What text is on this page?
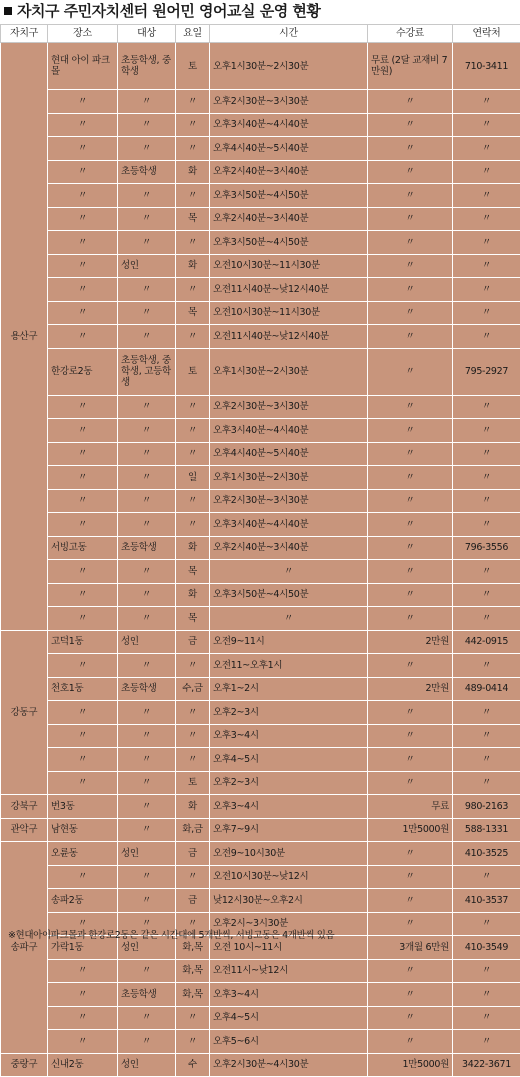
자치구 주민자치센터 원어민 영어교실 운영 현황
자치구	장소	대상	요일	시간	수강료	연락처
용산구	현대 아이 파크몰	초등학생, 중학생	토	오후1시30분~2시30분	무료 (2달 교재비 7만원)	710-3411
	〃	〃	〃	오후2시30분~3시30분	〃	〃
	〃	〃	〃	오후3시40분~4시40분	〃	〃
	〃	〃	〃	오후4시40분~5시40분	〃	〃
	〃	초등학생	화	오후2시40분~3시40분	〃	〃
	〃	〃	〃	오후3시50분~4시50분	〃	〃
	〃	〃	목	오후2시40분~3시40분	〃	〃
	〃	〃	〃	오후3시50분~4시50분	〃	〃
	〃	성인	화	오전10시30분~11시30분	〃	〃
	〃	〃	〃	오전11시40분~낮12시40분	〃	〃
	〃	〃	목	오전10시30분~11시30분	〃	〃
	〃	〃	〃	오전11시40분~낮12시40분	〃	〃
	한강로2동	초등학생, 중학생, 고등학생	토	오후1시30분~2시30분	〃	795-2927
	〃	〃	〃	오후2시30분~3시30분	〃	〃
	〃	〃	〃	오후3시40분~4시40분	〃	〃
	〃	〃	〃	오후4시40분~5시40분	〃	〃
	〃	〃	일	오후1시30분~2시30분	〃	〃
	〃	〃	〃	오후2시30분~3시30분	〃	〃
	〃	〃	〃	오후3시40분~4시40분	〃	〃
	서빙고동	초등학생	화	오후2시40분~3시40분	〃	796-3556
	〃	〃	목	〃	〃	〃
	〃	〃	화	오후3시50분~4시50분	〃	〃
	〃	〃	목	〃	〃	〃
강동구	고덕1동	성인	금	오전9~11시	2만원	442-0915
	〃	〃	〃	오전11~오후1시	〃	〃
	천호1동	초등학생	수,금	오후1~2시	2만원	489-0414
	〃	〃	〃	오후2~3시	〃	〃
	〃	〃	〃	오후3~4시	〃	〃
	〃	〃	〃	오후4~5시	〃	〃
	〃	〃	토	오후2~3시	〃	〃
강북구	번3동	〃	화	오후3~4시	무료	980-2163
관악구	남현동	〃	화,금	오후7~9시	1만5000원	588-1331
송파구	오륜동	성인	금	오전9~10시30분	〃	410-3525
	〃	〃	〃	오전10시30분~낮12시	〃	〃
	송파2동	〃	금	낮12시30분~오후2시	〃	410-3537
	〃	〃	〃	오후2시~3시30분	〃	〃
	가락1동	성인	화,목	오전 10시~11시	3개월 6만원	410-3549
	〃	〃	화,목	오전11시~낮12시	〃	〃
	〃	초등학생	화,목	오후3~4시	〃	〃
	〃	〃	〃	오후4~5시	〃	〃
	〃	〃	〃	오후5~6시	〃	〃
중랑구	신내2동	성인	수	오후2시30분~4시30분	1만5000원	3422-3671
※현대아이파크몰과 한강로2동은 같은 시간대에 5개반씩, 서빙고동은 4개반씩 있음
